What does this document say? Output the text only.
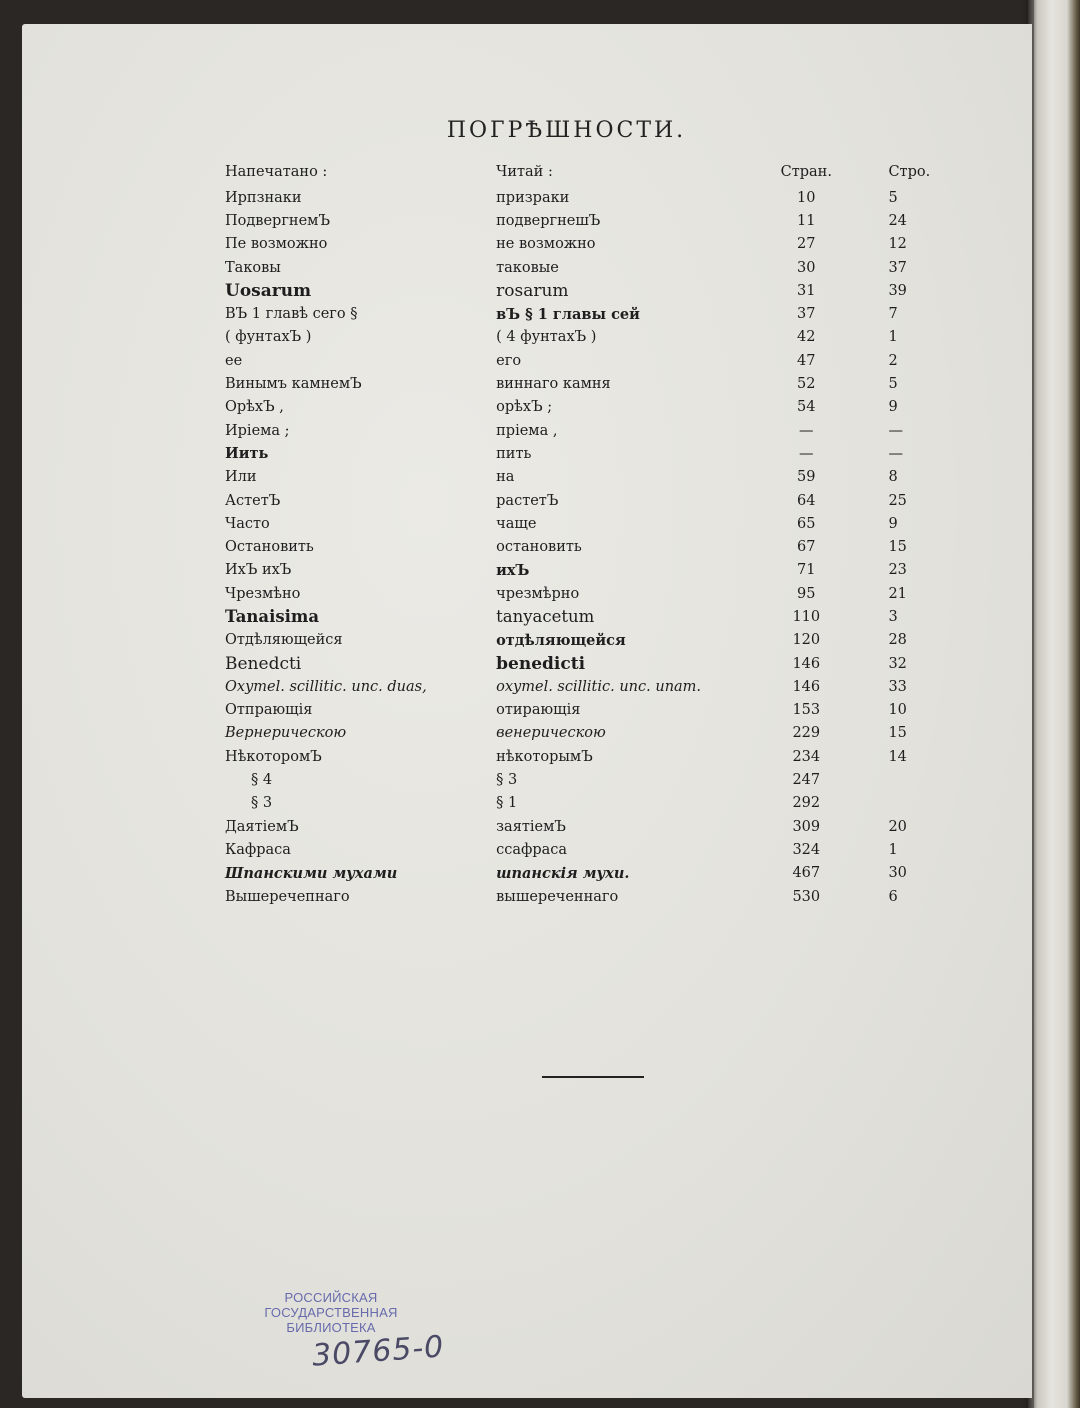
ПОГРѢШНОСТИ.
Напечатано :	Читай :	Стран.	Стро.
Ирпзнаки	призраки	10	5
ПодвергнемЪ	подвергнешЪ	11	24
Пе возможно	не возможно	27	12
Таковы	таковые	30	37
Uosarum	rosarum	31	39
ВЪ 1 главѣ сего §	вЪ § 1 главы сей	37	7
( фунтахЪ )	( 4 фунтахЪ )	42	1
ее	его	47	2
Винымъ камнемЪ	виннаго камня	52	5
ОрѣхЪ ,	орѣхЪ ;	54	9
Иріема ;	пріема ,	—	—
Иить	пить	—	—
Или	на	59	8
АстетЪ	растетЪ	64	25
Часто	чаще	65	9
Остановить	остановить	67	15
ИхЪ ихЪ	ихЪ	71	23
Чрезмѣно	чрезмѣрно	95	21
Tanaisima	tanyacetum	110	3
Отдѣляющейся	отдѣляющейся	120	28
Benedcti	benedicti	146	32
Oxymel. scillitic. unc. duas,	oxymel. scillitic. unc. unam.	146	33
Отпрающія	отирающія	153	10
Вернерическою	венерическою	229	15
НѣкоторомЪ	нѣкоторымЪ	234	14
§ 4	§ 3	247	
§ 3	§ 1	292	
ДаятіемЪ	заятіемЪ	309	20
Кафраса	ссафраса	324	1
Шпанскими мухами	шпанскія мухи.	467	30
Вышеречепнаго	вышереченнаго	530	6
РОССИЙСКАЯ
ГОСУДАРСТВЕННАЯ
БИБЛИОТЕКА
30765-0
